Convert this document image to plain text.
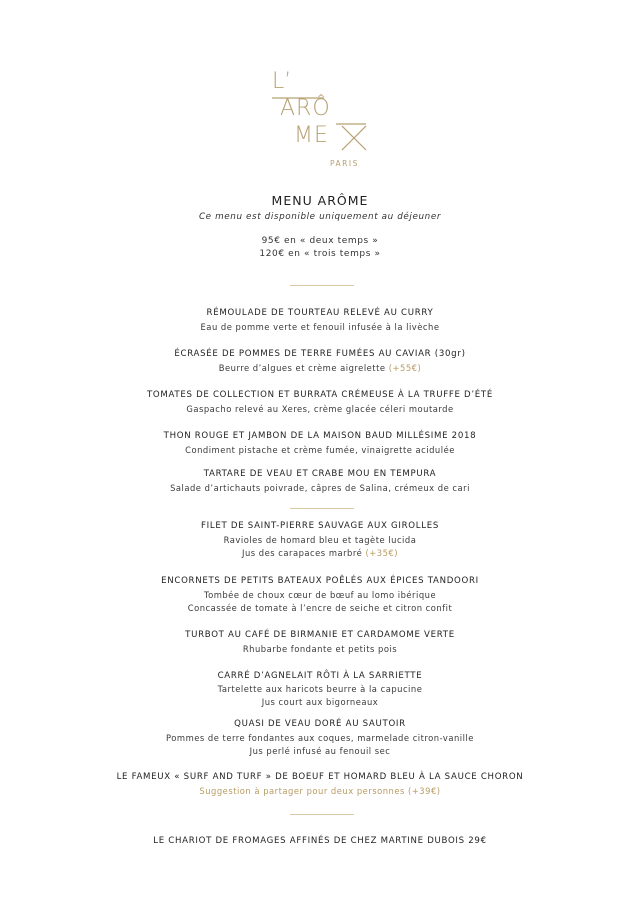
L’
ARÔ
ME
PARIS
MENU ARÔME
Ce menu est disponible uniquement au déjeuner
95€ en « deux temps »
120€ en « trois temps »
RÉMOULADE DE TOURTEAU RELEVÉ AU CURRY
Eau de pomme verte et fenouil infusée à la livèche
ÉCRASÉE DE POMMES DE TERRE FUMÉES AU CAVIAR (30gr)
Beurre d’algues et crème aigrelette (+55€)
TOMATES DE COLLECTION ET BURRATA CRÉMEUSE À LA TRUFFE D’ÉTÉ
Gaspacho relevé au Xeres, crème glacée céleri moutarde
THON ROUGE ET JAMBON DE LA MAISON BAUD MILLÉSIME 2018
Condiment pistache et crème fumée, vinaigrette acidulée
TARTARE DE VEAU ET CRABE MOU EN TEMPURA
Salade d’artichauts poivrade, câpres de Salina, crémeux de cari
FILET DE SAINT-PIERRE SAUVAGE AUX GIROLLES
Ravioles de homard bleu et tagète lucida
Jus des carapaces marbré (+35€)
ENCORNETS DE PETITS BATEAUX POÊLÉS AUX ÉPICES TANDOORI
Tombée de choux cœur de bœuf au lomo ibérique
Concassée de tomate à l’encre de seiche et citron confit
TURBOT AU CAFÉ DE BIRMANIE ET CARDAMOME VERTE
Rhubarbe fondante et petits pois
CARRÉ D’AGNELAIT RÔTI À LA SARRIETTE
Tartelette aux haricots beurre à la capucine
Jus court aux bigorneaux
QUASI DE VEAU DORÉ AU SAUTOIR
Pommes de terre fondantes aux coques, marmelade citron-vanille
Jus perlé infusé au fenouil sec
LE FAMEUX « SURF AND TURF » DE BOEUF ET HOMARD BLEU À LA SAUCE CHORON
Suggestion à partager pour deux personnes (+39€)
LE CHARIOT DE FROMAGES AFFINÉS DE CHEZ MARTINE DUBOIS 29€
